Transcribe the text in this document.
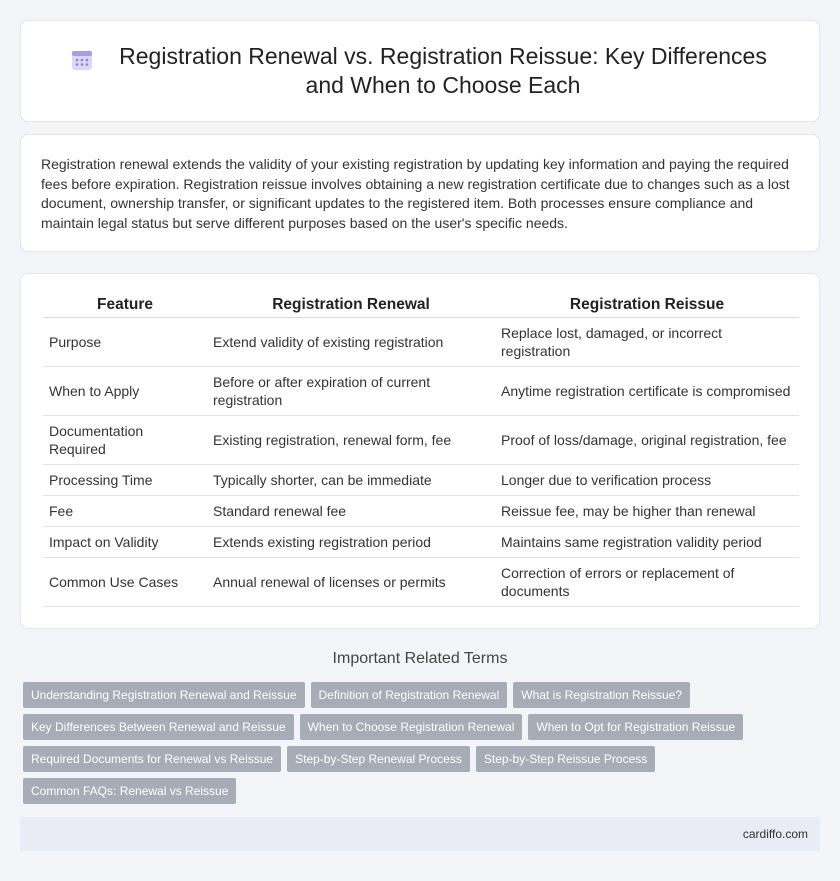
Registration Renewal vs. Registration Reissue: Key Differences and When to Choose Each

Registration renewal extends the validity of your existing registration by updating key information and paying the required fees before expiration. Registration reissue involves obtaining a new registration certificate due to changes such as a lost document, ownership transfer, or significant updates to the registered item. Both processes ensure compliance and maintain legal status but serve different purposes based on the user's specific needs.

Feature	Registration Renewal	Registration Reissue
Purpose	Extend validity of existing registration	Replace lost, damaged, or incorrect registration
When to Apply	Before or after expiration of current registration	Anytime registration certificate is compromised
Documentation Required	Existing registration, renewal form, fee	Proof of loss/damage, original registration, fee
Processing Time	Typically shorter, can be immediate	Longer due to verification process
Fee	Standard renewal fee	Reissue fee, may be higher than renewal
Impact on Validity	Extends existing registration period	Maintains same registration validity period
Common Use Cases	Annual renewal of licenses or permits	Correction of errors or replacement of documents
Important Related Terms
Understanding Registration Renewal and Reissue Definition of Registration Renewal What is Registration Reissue?
Key Differences Between Renewal and Reissue When to Choose Registration Renewal When to Opt for Registration Reissue
Required Documents for Renewal vs Reissue Step-by-Step Renewal Process Step-by-Step Reissue Process
Common FAQs: Renewal vs Reissue
cardiffo.com
